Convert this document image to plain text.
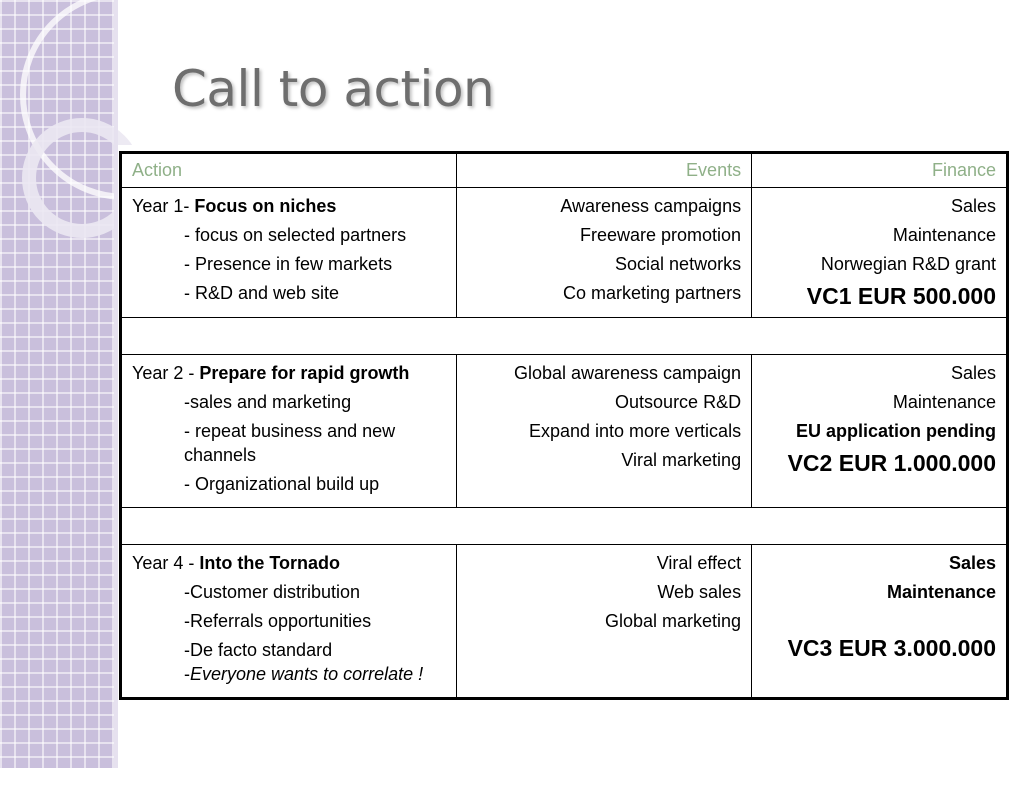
Call to action
Action	Events	Finance

Year 1- Focus on niches
- focus on selected partners
- Presence in few markets
- R&D and web site	Awareness campaigns
Freeware promotion
Social networks
Co marketing partners	Sales
Maintenance
Norwegian R&D grant
VC1 EUR 500.000

Year 2 - Prepare for rapid growth
-sales and marketing
- repeat business and new channels
- Organizational build up	Global awareness campaign
Outsource R&D
Expand into more verticals
Viral marketing	Sales
Maintenance
EU application pending
VC2 EUR 1.000.000

Year 4 - Into the Tornado
-Customer distribution
-Referrals opportunities
-De facto standard
-Everyone wants to correlate !	Viral effect
Web sales
Global marketing	Sales
Maintenance
VC3 EUR 3.000.000
